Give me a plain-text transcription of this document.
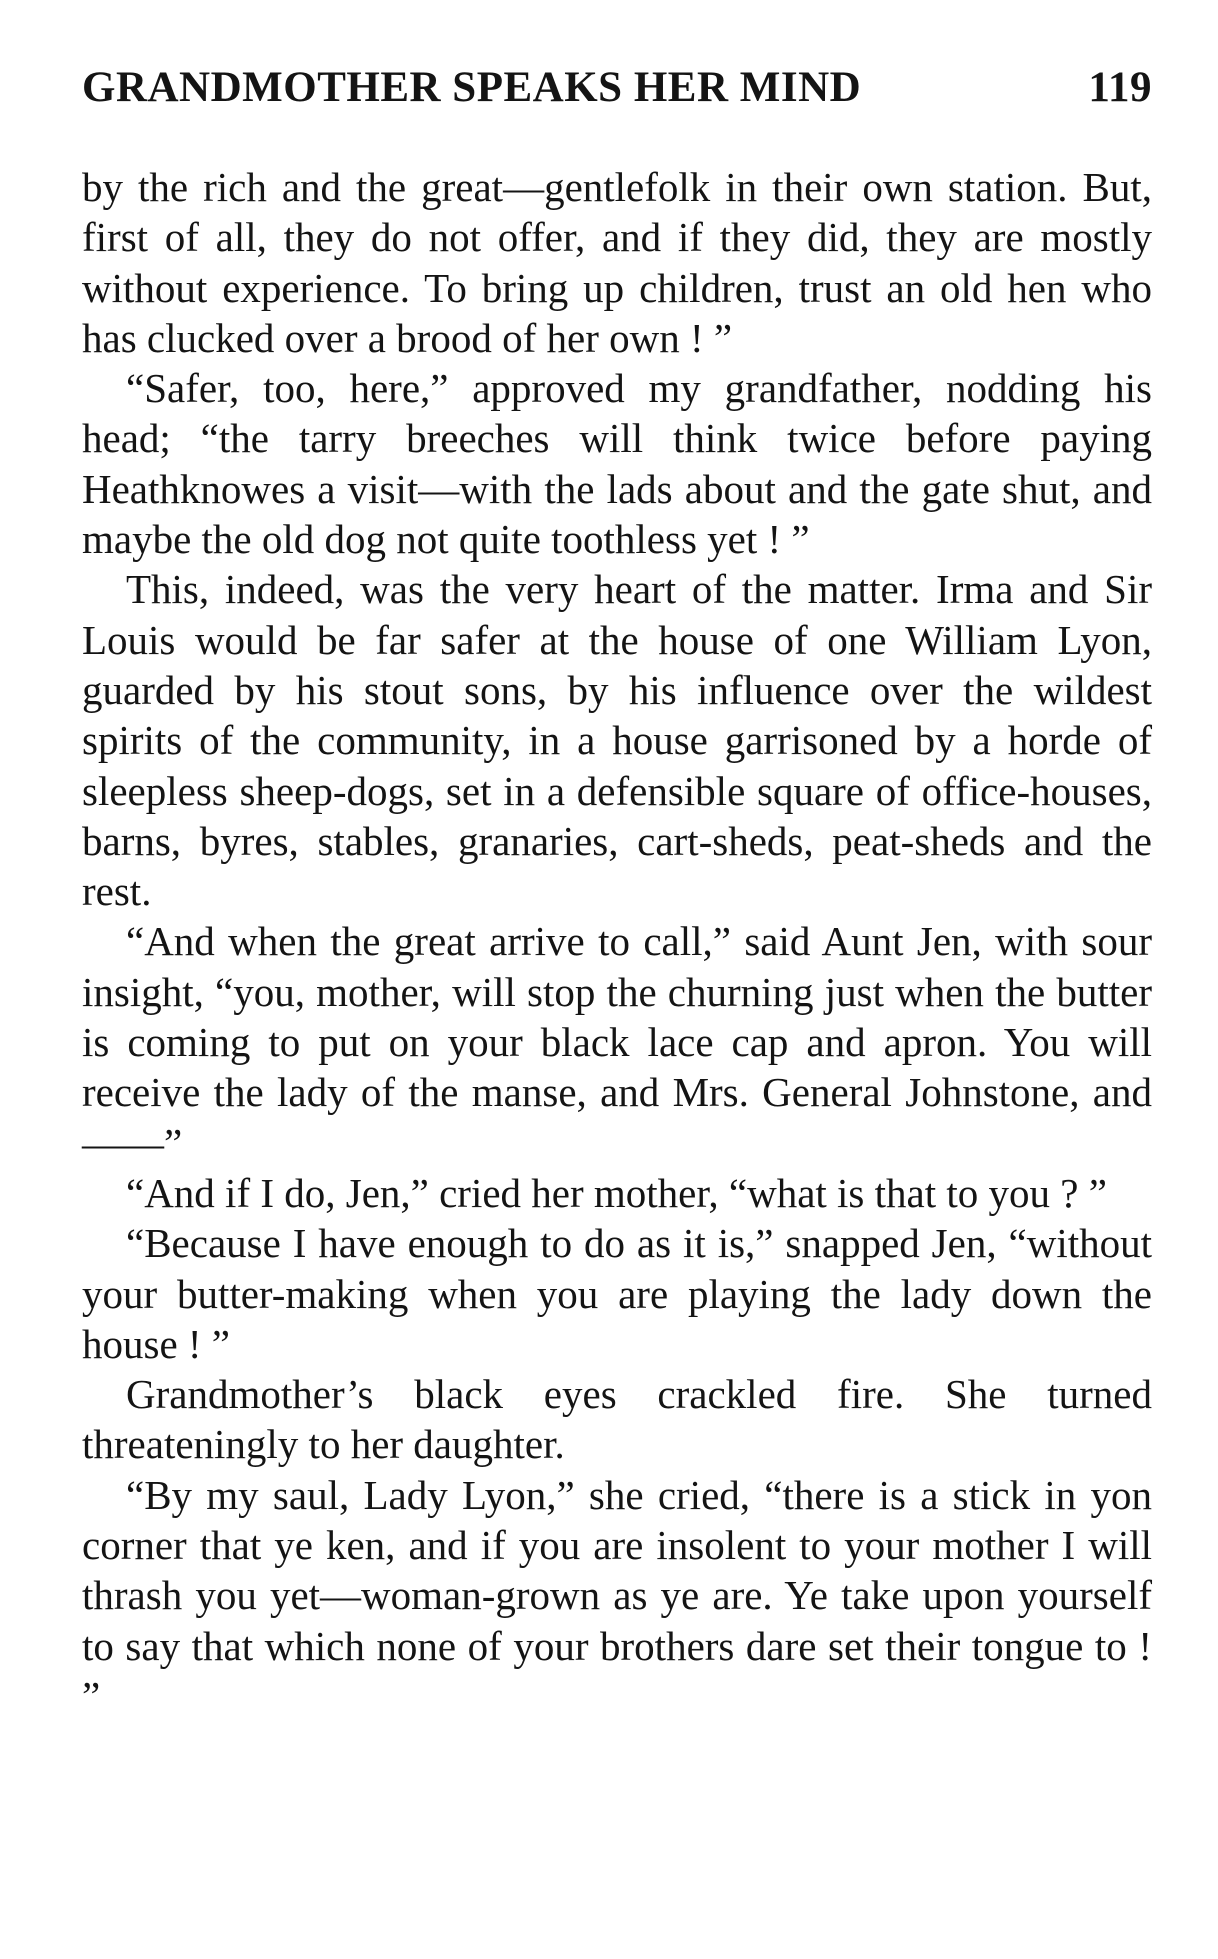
GRANDMOTHER SPEAKS HER MIND	119

by the rich and the great—gentlefolk in their own station. But, first of all, they do not offer, and if they did, they are mostly without experience. To bring up children, trust an old hen who has clucked over a brood of her own ! ”

“Safer, too, here,” approved my grandfather, nodding his head; “the tarry breeches will think twice before paying Heathknowes a visit—with the lads about and the gate shut, and maybe the old dog not quite toothless yet ! ”

This, indeed, was the very heart of the matter. Irma and Sir Louis would be far safer at the house of one William Lyon, guarded by his stout sons, by his influence over the wildest spirits of the community, in a house garrisoned by a horde of sleepless sheep-dogs, set in a defensible square of office-houses, barns, byres, stables, granaries, cart-sheds, peat-sheds and the rest.

“And when the great arrive to call,” said Aunt Jen, with sour insight, “you, mother, will stop the churning just when the butter is coming to put on your black lace cap and apron. You will receive the lady of the manse, and Mrs. General Johnstone, and——”

“And if I do, Jen,” cried her mother, “what is that to you ? ”

“Because I have enough to do as it is,” snapped Jen, “without your butter-making when you are playing the lady down the house ! ”

Grandmother’s black eyes crackled fire. She turned threateningly to her daughter.

“By my saul, Lady Lyon,” she cried, “there is a stick in yon corner that ye ken, and if you are insolent to your mother I will thrash you yet—woman-grown as ye are. Ye take upon yourself to say that which none of your brothers dare set their tongue to ! ”
